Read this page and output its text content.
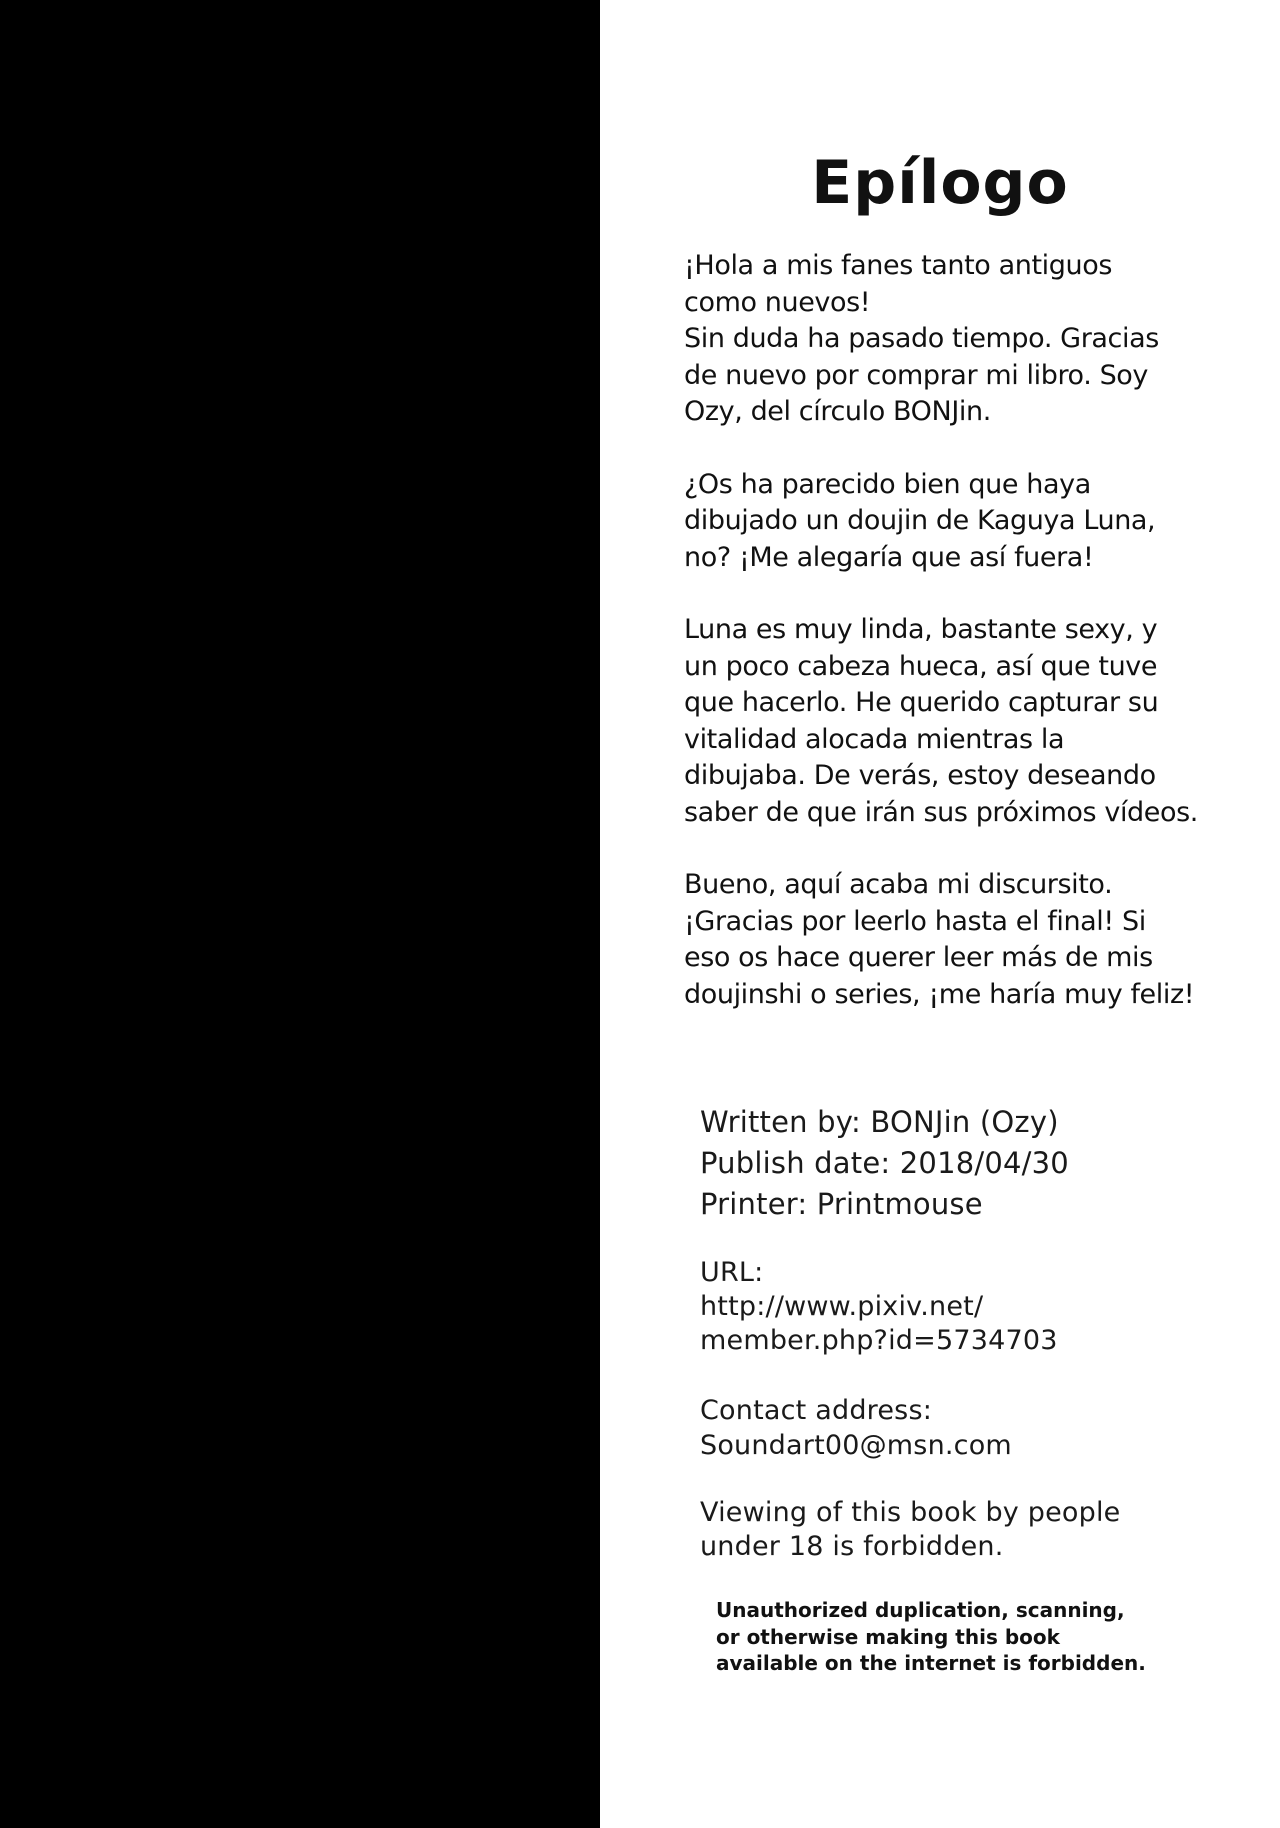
Epílogo

¡Hola a mis fanes tanto antiguos
como nuevos!
Sin duda ha pasado tiempo. Gracias
de nuevo por comprar mi libro. Soy
Ozy, del círculo BONJin.

¿Os ha parecido bien que haya
dibujado un doujin de Kaguya Luna,
no? ¡Me alegaría que así fuera!

Luna es muy linda, bastante sexy, y
un poco cabeza hueca, así que tuve
que hacerlo. He querido capturar su
vitalidad alocada mientras la
dibujaba. De verás, estoy deseando
saber de que irán sus próximos vídeos.

Bueno, aquí acaba mi discursito.
¡Gracias por leerlo hasta el final! Si
eso os hace querer leer más de mis
doujinshi o series, ¡me haría muy feliz!

Written by: BONJin (Ozy)
Publish date: 2018/04/30
Printer: Printmouse
URL:
http://www.pixiv.net/
member.php?id=5734703
Contact address:
Soundart00@msn.com
Viewing of this book by people
under 18 is forbidden.
Unauthorized duplication, scanning,
or otherwise making this book
available on the internet is forbidden.
